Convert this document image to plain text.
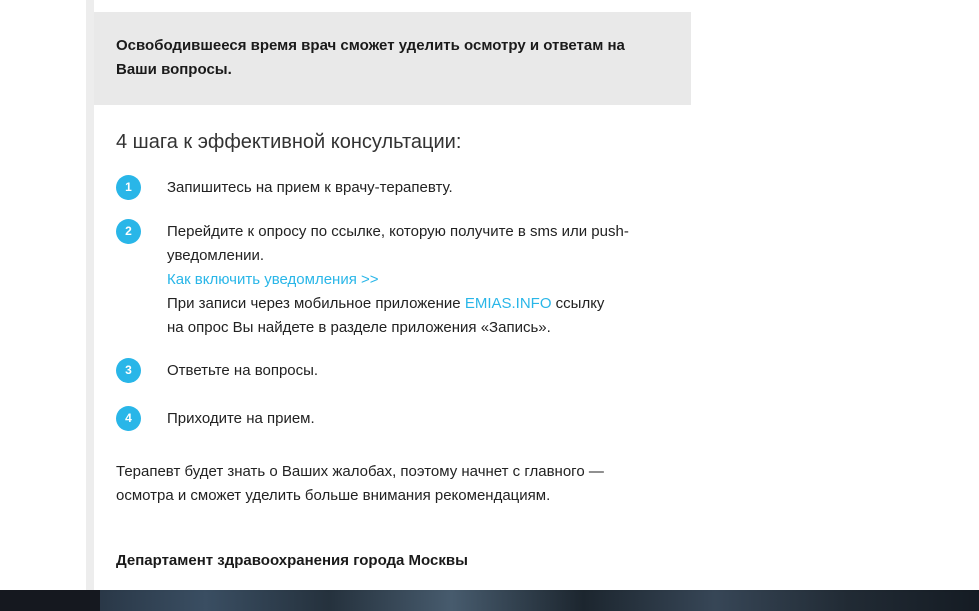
Освободившееся время врач сможет уделить осмотру и ответам на Ваши вопросы.
4 шага к эффективной консультации:
1	Запишитесь на прием к врачу-терапевту.
2	Перейдите к опросу по ссылке, которую получите в sms или push-
уведомлении.
Как включить уведомления >>
При записи через мобильное приложение EMIAS.INFO ссылку
на опрос Вы найдете в разделе приложения «Запись».
3	Ответьте на вопросы.
4	Приходите на прием.
Терапевт будет знать о Ваших жалобах, поэтому начнет с главного —
осмотра и сможет уделить больше внимания рекомендациям.
Департамент здравоохранения города Москвы
